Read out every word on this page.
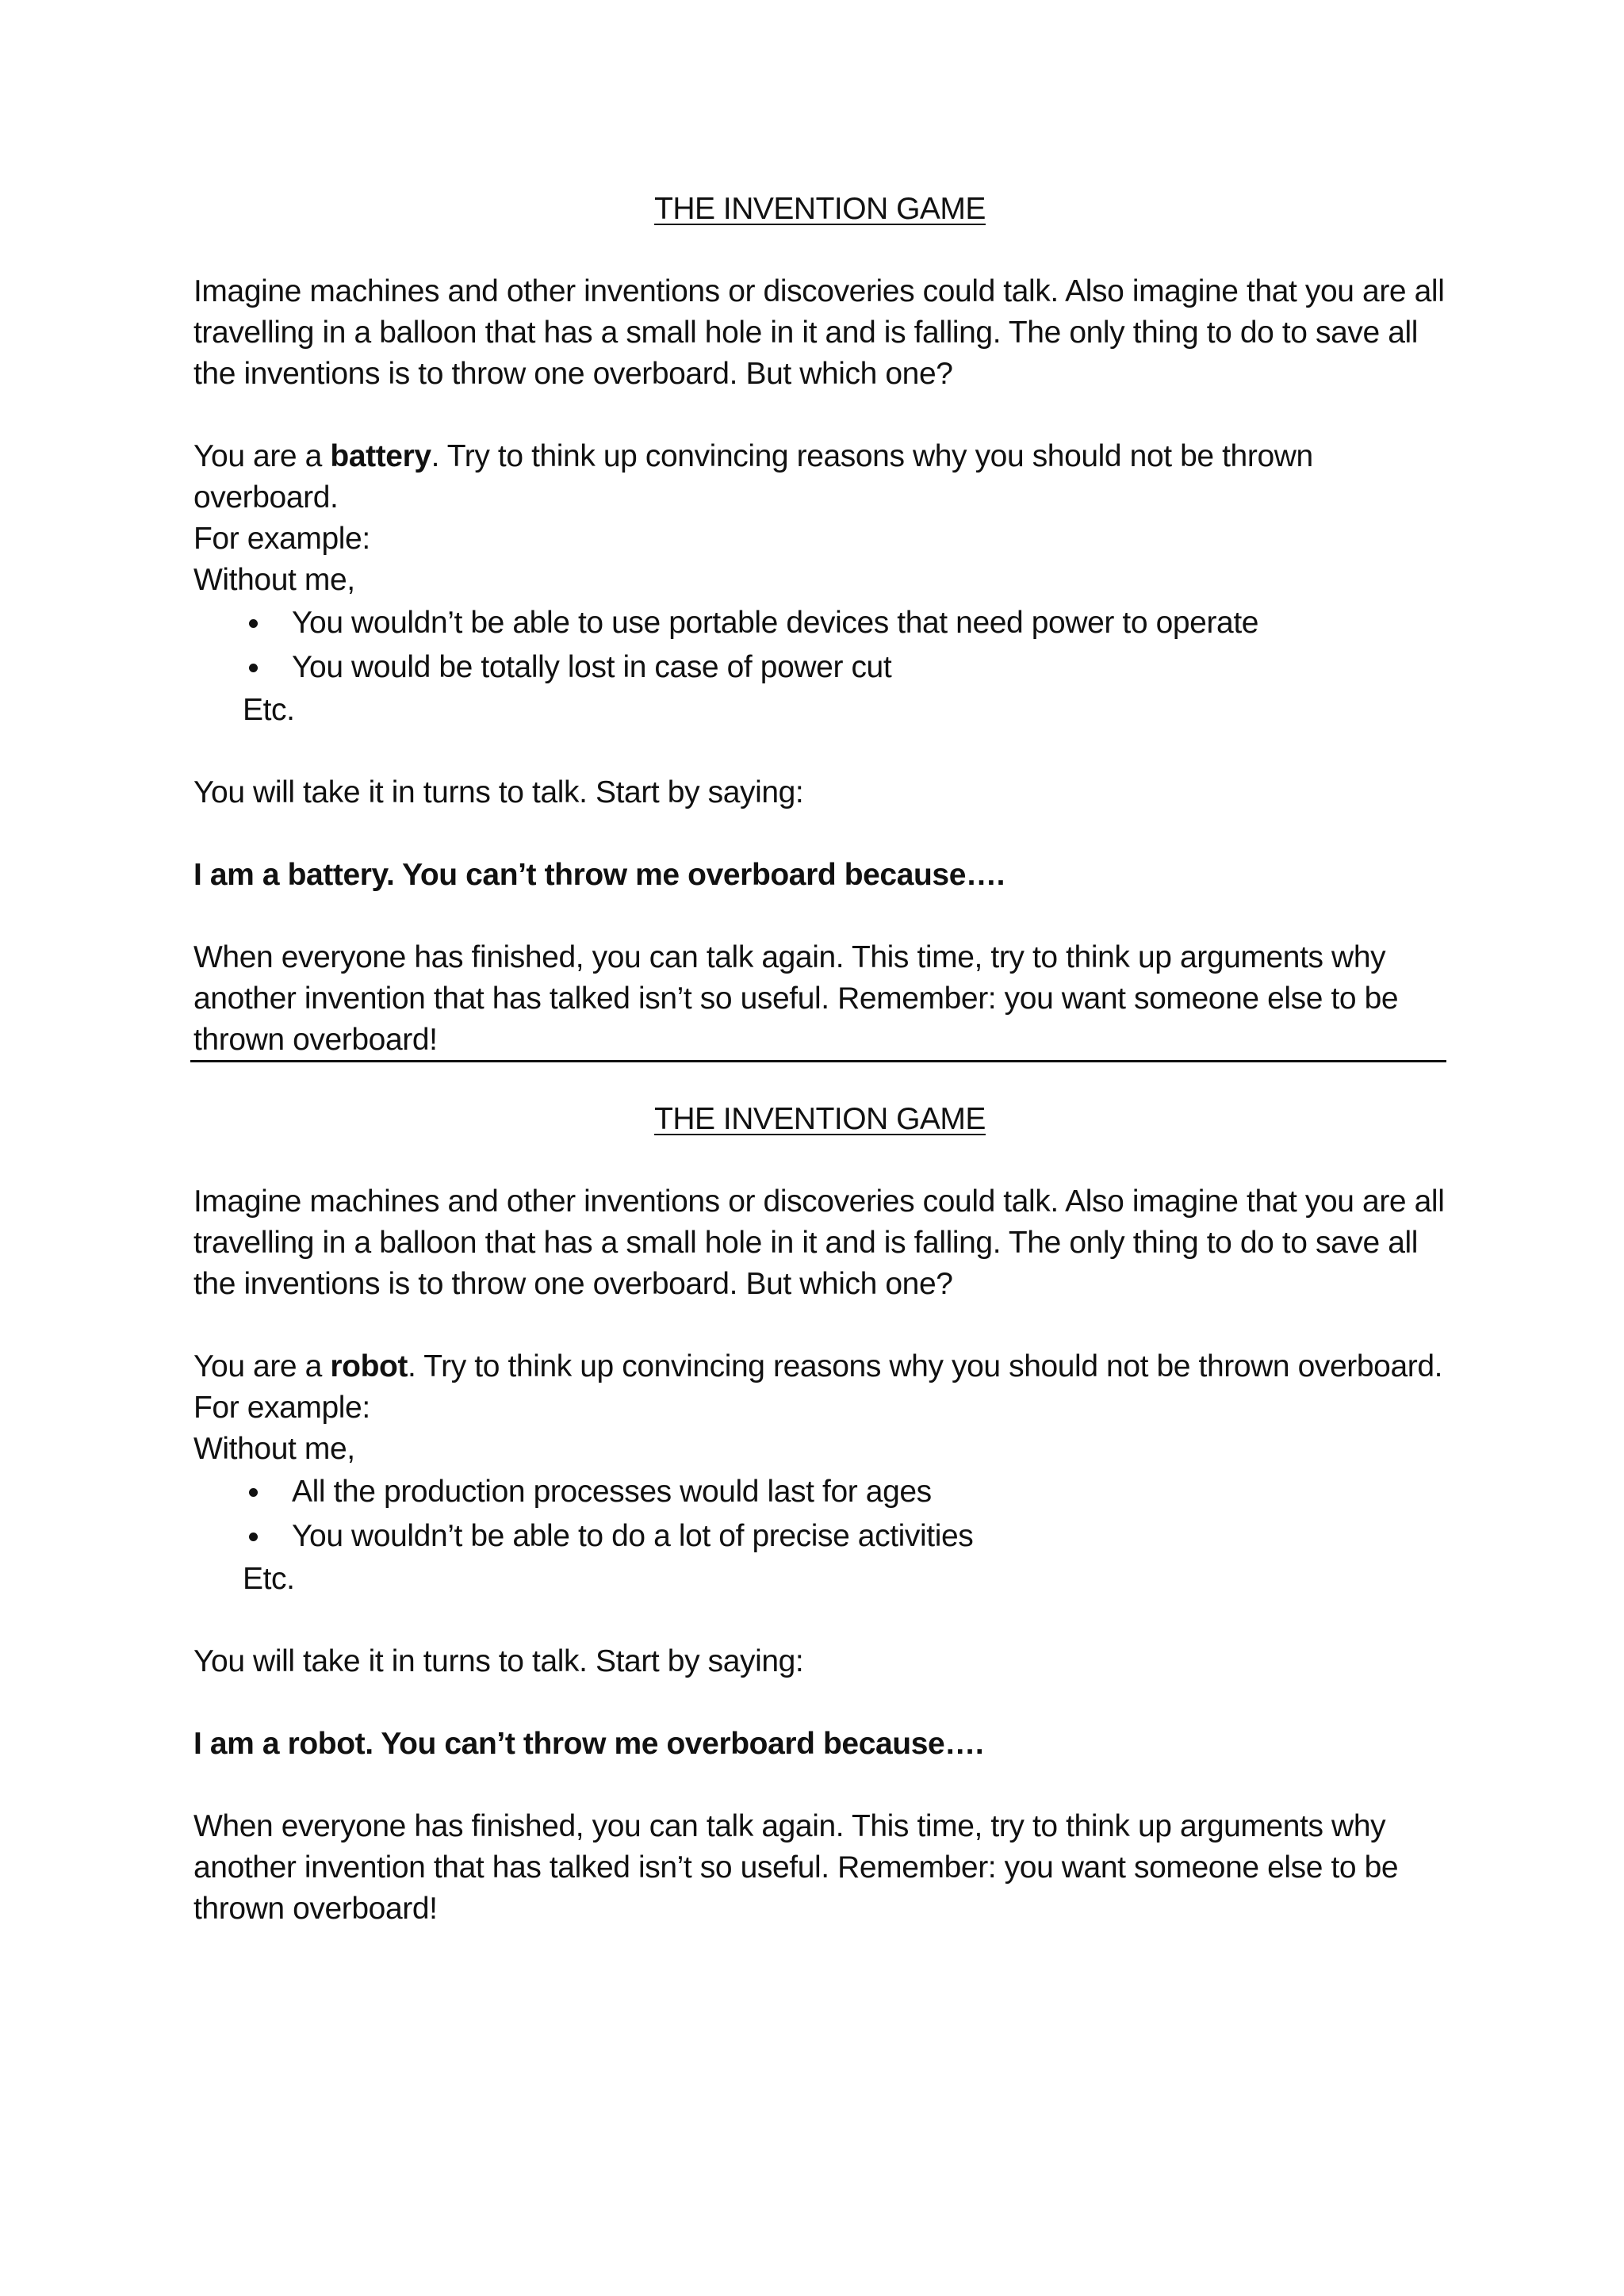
THE INVENTION GAME

Imagine machines and other inventions or discoveries could talk. Also imagine that you are all travelling in a balloon that has a small hole in it and is falling. The only thing to do to save all the inventions is to throw one overboard. But which one?

You are a battery. Try to think up convincing reasons why you should not be thrown overboard.

For example:

Without me,

You wouldn’t be able to use portable devices that need power to operate
You would be totally lost in case of power cut

Etc.

You will take it in turns to talk. Start by saying:

I am a battery. You can’t throw me overboard because….

When everyone has finished, you can talk again. This time, try to think up arguments why another invention that has talked isn’t so useful. Remember: you want someone else to be thrown overboard!

THE INVENTION GAME

Imagine machines and other inventions or discoveries could talk. Also imagine that you are all travelling in a balloon that has a small hole in it and is falling. The only thing to do to save all the inventions is to throw one overboard. But which one?

You are a robot. Try to think up convincing reasons why you should not be thrown overboard.

For example:

Without me,

All the production processes would last for ages
You wouldn’t be able to do a lot of precise activities

Etc.

You will take it in turns to talk. Start by saying:

I am a robot. You can’t throw me overboard because….

When everyone has finished, you can talk again. This time, try to think up arguments why another invention that has talked isn’t so useful. Remember: you want someone else to be thrown overboard!
